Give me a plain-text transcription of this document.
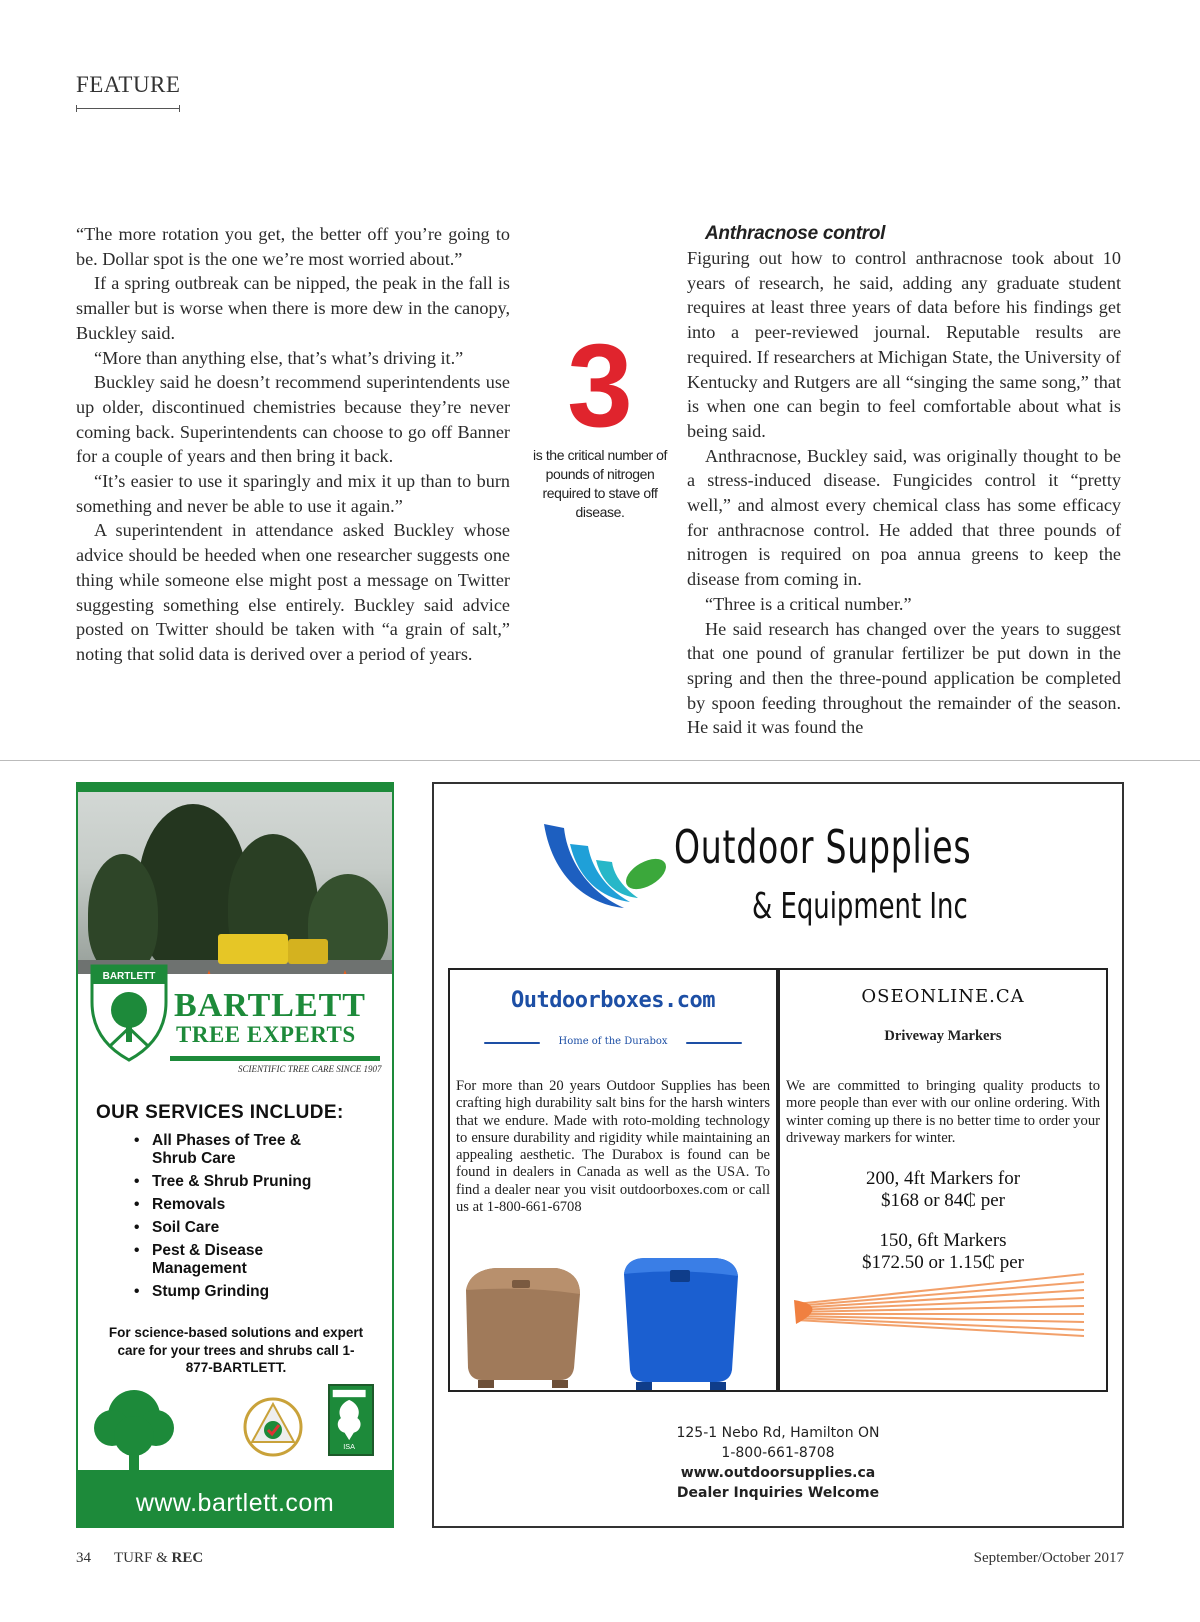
FEATURE

“The more rotation you get, the better off you’re going to be. Dollar spot is the one we’re most worried about.”

If a spring outbreak can be nipped, the peak in the fall is smaller but is worse when there is more dew in the canopy, Buckley said.

“More than anything else, that’s what’s driving it.”

Buckley said he doesn’t recommend superintendents use up older, discontinued chemistries because they’re never coming back. Superintendents can choose to go off Banner for a couple of years and then bring it back.

“It’s easier to use it sparingly and mix it up than to burn something and never be able to use it again.”

A superintendent in attendance asked Buckley whose advice should be heeded when one researcher suggests one thing while someone else might post a message on Twitter suggesting something else entirely. Buckley said advice posted on Twitter should be taken with “a grain of salt,” noting that solid data is derived over a period of years.

3
is the critical number of pounds of nitrogen required to stave off disease.

Anthracnose control

Figuring out how to control anthracnose took about 10 years of research, he said, adding any graduate student requires at least three years of data before his findings get into a peer-reviewed journal. Reputable results are required. If researchers at Michigan State, the University of Kentucky and Rutgers are all “singing the same song,” that is when one can begin to feel comfortable about what is being said.

Anthracnose, Buckley said, was originally thought to be a stress-induced disease. Fungicides control it “pretty well,” and almost every chemical class has some efficacy for anthracnose control. He added that three pounds of nitrogen is required on poa annua greens to keep the disease from coming in.

“Three is a critical number.”

He said research has changed over the years to suggest that one pound of granular fertilizer be put down in the spring and then the three-pound application be completed by spoon feeding throughout the remainder of the season. He said it was found the

BARTLETT
BARTLETT
TREE EXPERTS
SCIENTIFIC TREE CARE SINCE 1907
OUR SERVICES INCLUDE:
• All Phases of Tree & Shrub Care
• Tree & Shrub Pruning
• Removals
• Soil Care
• Pest & Disease Management
• Stump Grinding
For science-based solutions and expert care for your trees and shrubs call 1-877-BARTLETT.
ISA
www.bartlett.com
Outdoor Supplies
& Equipment Inc
Outdoorboxes.com
Home of the Durabox
For more than 20 years Outdoor Supplies has been crafting high durability salt bins for the harsh winters that we endure. Made with roto-molding technology to ensure durability and rigidity while maintaining an appealing aesthetic. The Durabox is found can be found in dealers in Canada as well as the USA. To find a dealer near you visit outdoorboxes.com or call us at 1-800-661-6708
OSEONLINE.CA
Driveway Markers
We are committed to bringing quality products to more people than ever with our online ordering. With winter coming up there is no better time to order your driveway markers for winter.
200, 4ft Markers for
$168 or 84₵ per
150, 6ft Markers
$172.50 or 1.15₵ per
125-1 Nebo Rd, Hamilton ON
1-800-661-8708
www.outdoorsupplies.ca
Dealer Inquiries Welcome
34 TURF & REC	September/October 2017
